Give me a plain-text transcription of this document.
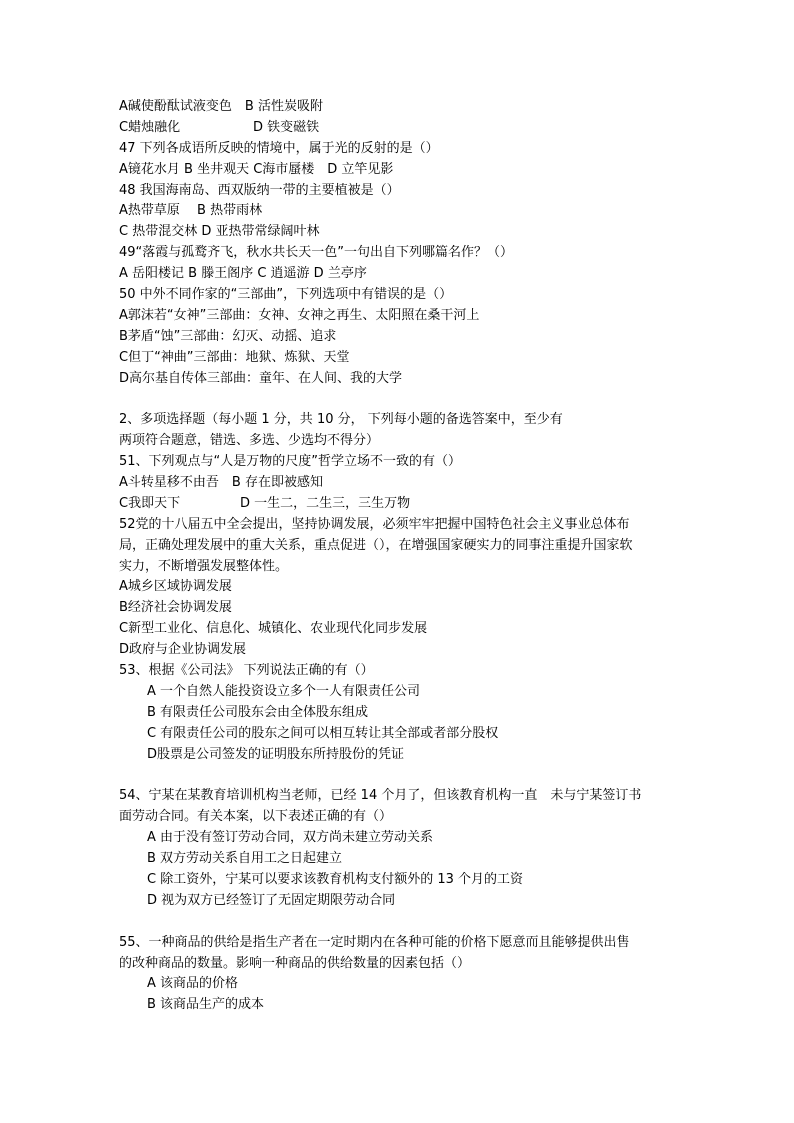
A碱使酚酞试液变色　B 活性炭吸附
C蜡烛融化	D 铁变磁铁
47 下列各成语所反映的情境中，属于光的反射的是（）
A镜花水月 B 坐井观天 C海市蜃楼　D 立竿见影
48 我国海南岛、西双版纳一带的主要植被是（）
A热带草原　 B 热带雨林
C 热带混交林 D 亚热带常绿阔叶林
49“落霞与孤鹜齐飞，秋水共长天一色”一句出自下列哪篇名作？（）
A 岳阳楼记 B 滕王阁序 C 逍遥游 D 兰亭序
50 中外不同作家的“三部曲”，下列选项中有错误的是（）
A郭沫若“女神”三部曲：女神、女神之再生、太阳照在桑干河上
B茅盾“蚀”三部曲：幻灭、动摇、追求
C但丁“神曲”三部曲：地狱、炼狱、天堂
D高尔基自传体三部曲：童年、在人间、我的大学
2、多项选择题（每小题 1 分，共 10 分， 下列每小题的备选答案中，至少有
两项符合题意，错选、多选、少选均不得分）
51、下列观点与“人是万物的尺度”哲学立场不一致的有（）
A斗转星移不由吾　B 存在即被感知
C我即天下	D 一生二，二生三，三生万物
52党的十八届五中全会提出，坚持协调发展，必须牢牢把握中国特色社会主义事业总体布
局，正确处理发展中的重大关系，重点促进（），在增强国家硬实力的同事注重提升国家软
实力，不断增强发展整体性。
A城乡区域协调发展
B经济社会协调发展
C新型工业化、信息化、城镇化、农业现代化同步发展
D政府与企业协调发展
53、根据《公司法》 下列说法正确的有（）
A 一个自然人能投资设立多个一人有限责任公司
B 有限责任公司股东会由全体股东组成
C 有限责任公司的股东之间可以相互转让其全部或者部分股权
D股票是公司签发的证明股东所持股份的凭证
54、宁某在某教育培训机构当老师，已经 14 个月了，但该教育机构一直　未与宁某签订书
面劳动合同。有关本案，以下表述正确的有（）
A 由于没有签订劳动合同，双方尚未建立劳动关系
B 双方劳动关系自用工之日起建立
C 除工资外，宁某可以要求该教育机构支付额外的 13 个月的工资
D 视为双方已经签订了无固定期限劳动合同
55、一种商品的供给是指生产者在一定时期内在各种可能的价格下愿意而且能够提供出售
的改种商品的数量。影响一种商品的供给数量的因素包括（）
A 该商品的价格
B 该商品生产的成本
